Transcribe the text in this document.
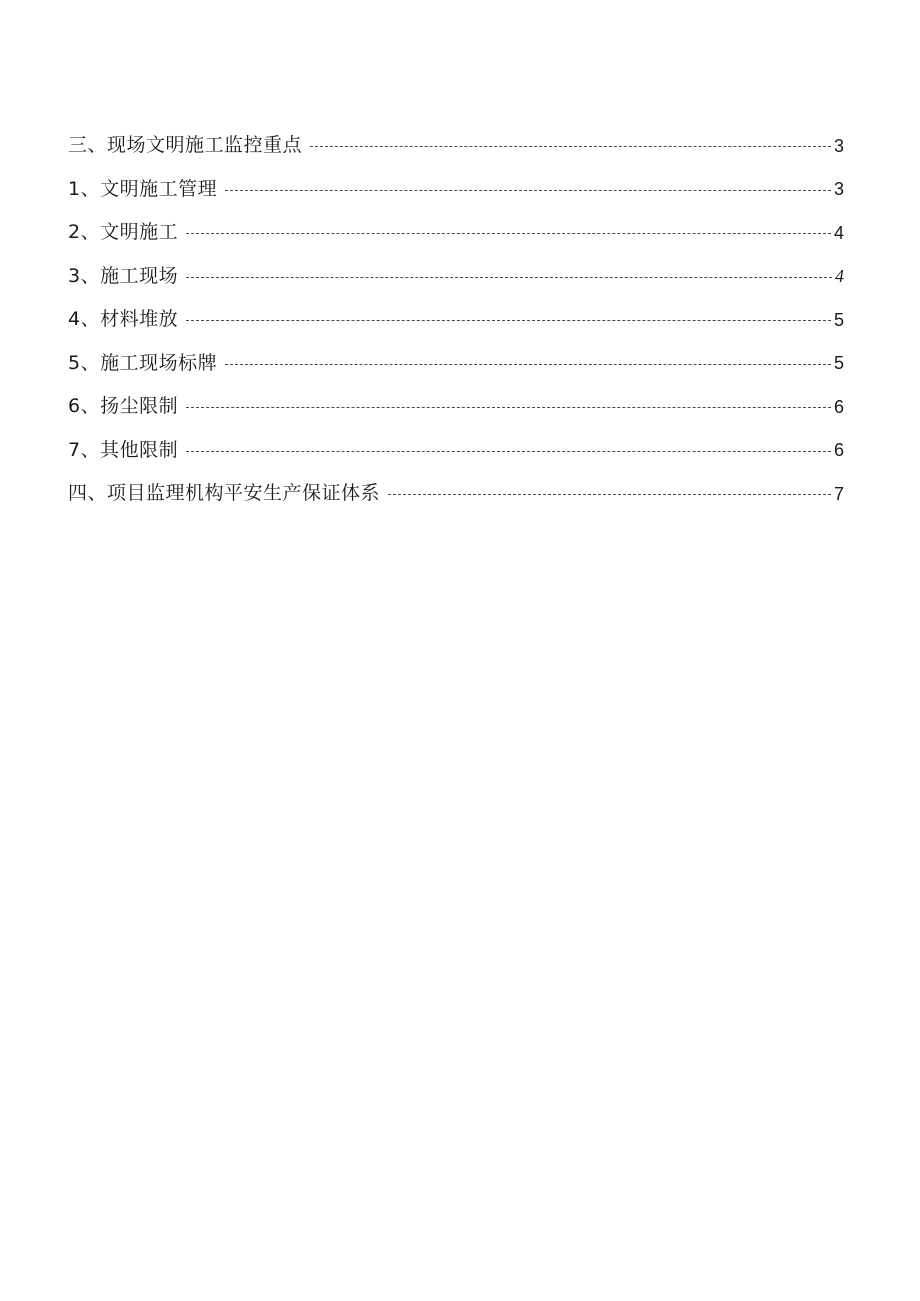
三、现场文明施工监控重点	3
1、文明施工管理	3
2、文明施工	4
3、施工现场	4
4、材料堆放	5
5、施工现场标牌	5
6、扬尘限制	6
7、其他限制	6
四、项目监理机构平安生产保证体系	7
